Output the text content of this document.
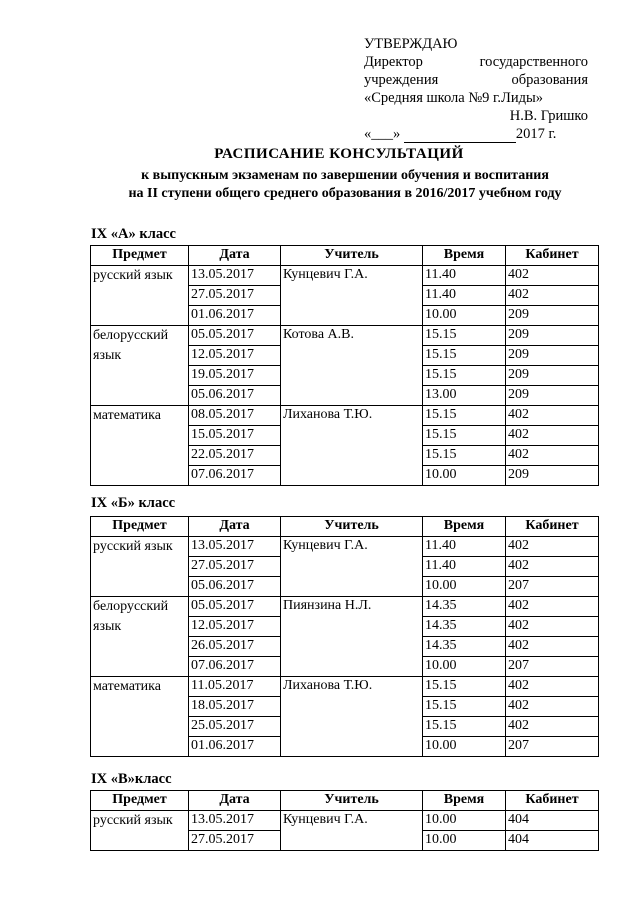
УТВЕРЖДАЮ
Директор	государственного
учреждения	образования
«Средняя школа №9 г.Лиды»
Н.В. Гришко
«___»	2017 г.
РАСПИСАНИЕ КОНСУЛЬТАЦИЙ
к выпускным экзаменам по завершении обучения и воспитания
на II ступени общего среднего образования в 2016/2017 учебном году
IX «А» класс
Предмет	Дата	Учитель	Время	Кабинет
русский язык	13.05.2017	Кунцевич Г.А.	11.40	402
	27.05.2017		11.40	402
	01.06.2017		10.00	209
белорусский язык	05.05.2017	Котова А.В.	15.15	209
	12.05.2017		15.15	209
	19.05.2017		15.15	209
	05.06.2017		13.00	209
математика	08.05.2017	Лиханова Т.Ю.	15.15	402
	15.05.2017		15.15	402
	22.05.2017		15.15	402
	07.06.2017		10.00	209
IX «Б» класс
Предмет	Дата	Учитель	Время	Кабинет
русский язык	13.05.2017	Кунцевич Г.А.	11.40	402
	27.05.2017		11.40	402
	05.06.2017		10.00	207
белорусский язык	05.05.2017	Пиянзина Н.Л.	14.35	402
	12.05.2017		14.35	402
	26.05.2017		14.35	402
	07.06.2017		10.00	207
математика	11.05.2017	Лиханова Т.Ю.	15.15	402
	18.05.2017		15.15	402
	25.05.2017		15.15	402
	01.06.2017		10.00	207
IX «В»класс
Предмет	Дата	Учитель	Время	Кабинет
русский язык	13.05.2017	Кунцевич Г.А.	10.00	404
	27.05.2017		10.00	404
